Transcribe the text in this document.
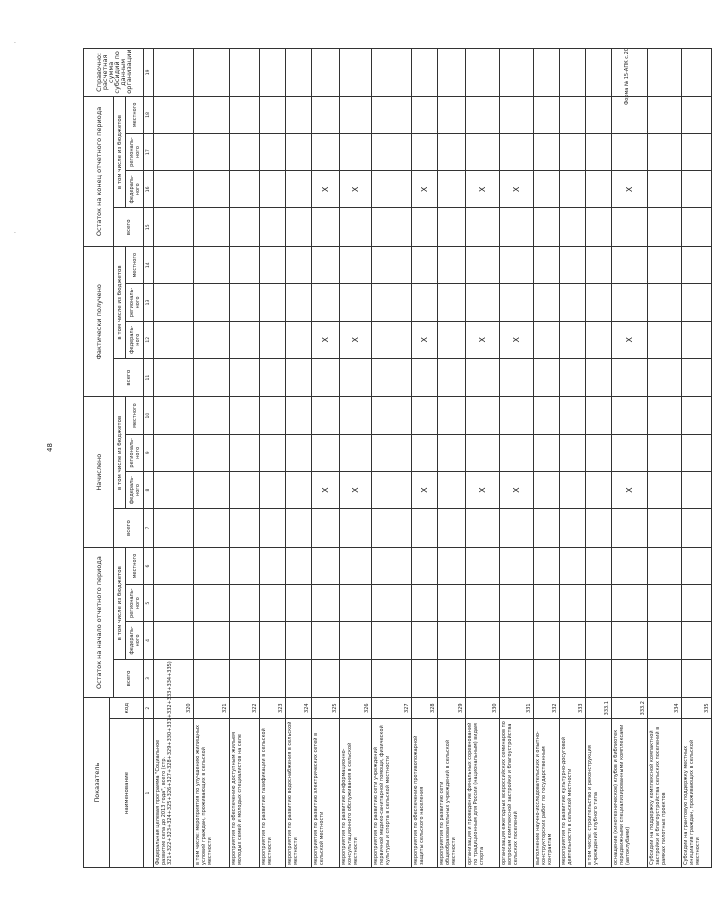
48
Форма № 15-АПК с.20
·
·
Показатель		Остаток на начало отчетного периода				Начислено				Фактически получено				Остаток на конец отчетного периода				Справочно: расчетная сумма субсидий по данным организации
наименование	код																	
		всего	в том числе из бюджетов			всего	в том числе из бюджетов			всего	в том числе из бюджетов			всего	в том числе из бюджетов			
			федераль-ного	региональ-ного	местного		федераль-ного	региональ-ного	местного		федераль-ного	региональ-ного	местного		федераль-ного	региональ-ного	местного	
1	2	3	4	5	6	7	8	9	10	11	12	13	14	15	16	17	18	19
Федеральная целевая программа "Социальное развитие села до 2013 года", всего (стр. 321+322+323+324+325+326+327+328+329+330+331+332+333+334+335)	320																	
в том числе: мероприятия по улучшению жилищных условий граждан, проживающих в сельской местности	321																	
мероприятия по обеспечению доступным жильем молодых семей и молодых специалистов на селе	322																	
мероприятия по развитию газификации в сельской местности	323																	
мероприятия по развитию водоснабжения в сельской местности	324																	
мероприятия по развитию электрических сетей в сельской местности	325						X				X				X			
мероприятия по развитию информационно-консультационного обслуживания в сельской местности	326						X				X				X			
мероприятия по развитию сети учреждений первичной медико-санитарной помощи, физической культуры и спорта в сельской местности	327																	
мероприятия по обеспечению противопожарной защиты сельского населения	328						X				X				X			
мероприятия по развитию сети общеобразовательных учреждений в сельской местности	329																	
организация и проведение финальных соревнований по традиционным для России (национальным) видам спорта	330						X				X				X			
организация ежегодных всероссийских семинаров по вопросам комплексной застройки и благоустройства сельских поселений	331						X				X				X			
выполнение научно-исследовательских и опытно-конструкторских работ по государственным контрактам	332																	
мероприятия по развитию культурно-досуговой деятельности в сельской местности	333																	
в том числе: строительство и реконструкция учреждений клубного типа	333.1																	
оснащение (кинотехническое) клубов и библиотек передвижными специализированными комплексами (автоклубами)	333.2						X				X				X			
Субсидии на поддержку комплексной компактной застройки и благоустройства сельских поселений в рамках пилотных проектов	334																	
Субсидии на грантовую поддержку местных инициатив граждан, проживающих в сельской местности	335																	
